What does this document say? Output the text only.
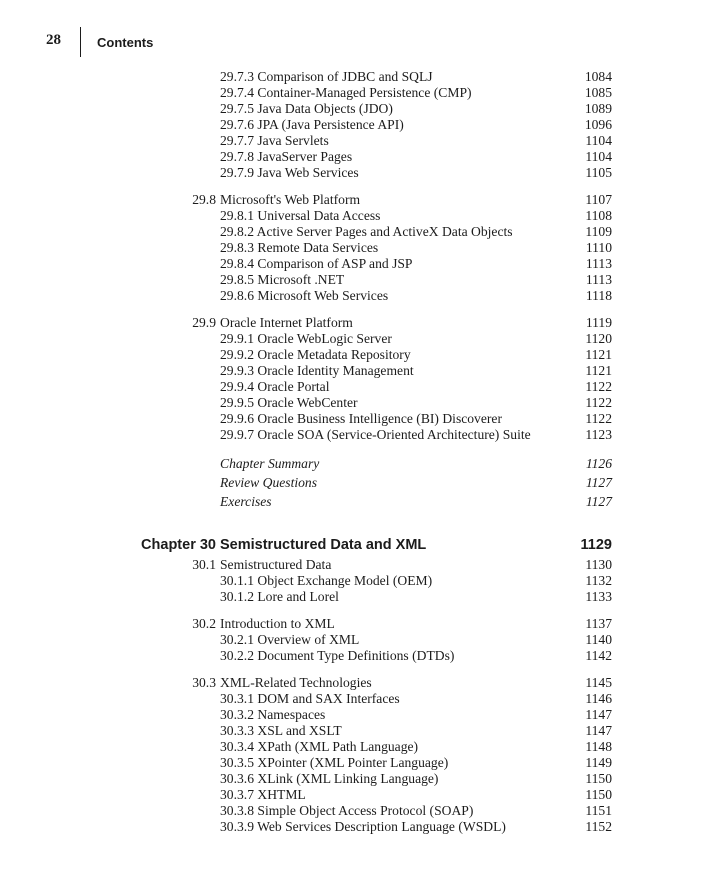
28	Contents
29.7.3 Comparison of JDBC and SQLJ	1084
29.7.4 Container-Managed Persistence (CMP)	1085
29.7.5 Java Data Objects (JDO)	1089
29.7.6 JPA (Java Persistence API)	1096
29.7.7 Java Servlets	1104
29.7.8 JavaServer Pages	1104
29.7.9 Java Web Services	1105
29.8 Microsoft's Web Platform	1107
29.8.1 Universal Data Access	1108
29.8.2 Active Server Pages and ActiveX Data Objects	1109
29.8.3 Remote Data Services	1110
29.8.4 Comparison of ASP and JSP	1113
29.8.5 Microsoft .NET	1113
29.8.6 Microsoft Web Services	1118
29.9 Oracle Internet Platform	1119
29.9.1 Oracle WebLogic Server	1120
29.9.2 Oracle Metadata Repository	1121
29.9.3 Oracle Identity Management	1121
29.9.4 Oracle Portal	1122
29.9.5 Oracle WebCenter	1122
29.9.6 Oracle Business Intelligence (BI) Discoverer	1122
29.9.7 Oracle SOA (Service-Oriented Architecture) Suite	1123
Chapter Summary	1126
Review Questions	1127
Exercises	1127
Chapter 30 Semistructured Data and XML	1129
30.1 Semistructured Data	1130
30.1.1 Object Exchange Model (OEM)	1132
30.1.2 Lore and Lorel	1133
30.2 Introduction to XML	1137
30.2.1 Overview of XML	1140
30.2.2 Document Type Definitions (DTDs)	1142
30.3 XML-Related Technologies	1145
30.3.1 DOM and SAX Interfaces	1146
30.3.2 Namespaces	1147
30.3.3 XSL and XSLT	1147
30.3.4 XPath (XML Path Language)	1148
30.3.5 XPointer (XML Pointer Language)	1149
30.3.6 XLink (XML Linking Language)	1150
30.3.7 XHTML	1150
30.3.8 Simple Object Access Protocol (SOAP)	1151
30.3.9 Web Services Description Language (WSDL)	1152
